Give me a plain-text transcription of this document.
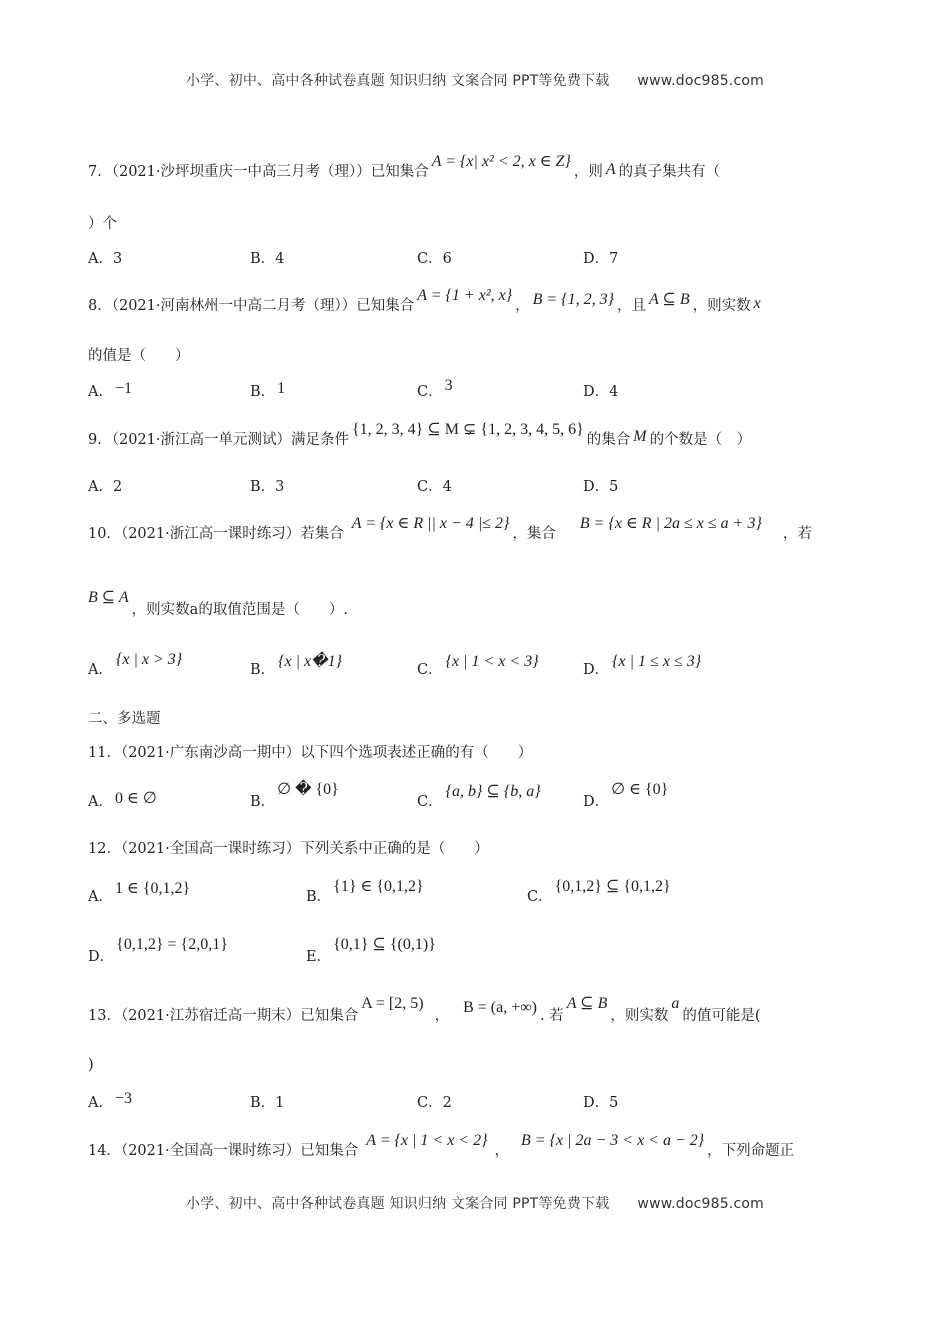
小学、初中、高中各种试卷真题 知识归纳 文案合同 PPT等免费下载 www.doc985.com
7．（2021·沙坪坝重庆一中高三月考（理））已知集合A = {x| x² < 2, x ∈ Z}，则 A 的真子集共有（
）个
A．3	B．4	C．6	D．7
8．（2021·河南林州一中高二月考（理））已知集合A = {1 + x², x}， B = {1, 2, 3} ，且 A ⊆ B ，则实数 x
的值是（　　）
A． −1	B． 1	C． 3	D．4
9．（2021·浙江高一单元测试）满足条件{1, 2, 3, 4} ⊆ M ⊊ {1, 2, 3, 4, 5, 6}的集合 M 的个数是（　）
A．2	B．3	C．4	D．5
10．（2021·浙江高一课时练习）若集合A = {x ∈ R || x − 4 |≤ 2}，集合B = {x ∈ R | 2a ≤ x ≤ a + 3}，若
B ⊆ A，则实数a的取值范围是（　　）.
A．{x | x > 3}
B． {x | x�1}	C． {x | 1 < x < 3}	D． {x | 1 ≤ x ≤ 3}
二、多选题
11．（2021·广东南沙高一期中）以下四个选项表述正确的有（　　）
A． 0 ∈ ∅	B．∅ � {0}
C．{a, b} ⊆ {b, a}
D．∅ ∈ {0}
12．（2021·全国高一课时练习）下列关系中正确的是（　　）
A． 1 ∈ {0,1,2}	B．{1} ∈ {0,1,2}
C．{0,1,2} ⊆ {0,1,2}
D．{0,1,2} = {2,0,1}
E．{0,1} ⊆ {(0,1)}
13．（2021·江苏宿迁高一期末）已知集合A = [2, 5)， B = (a, +∞) . 若A ⊆ B，则实数a的值可能是(
)
A． −3	B．1	C．2	D．5
14．（2021·全国高一课时练习）已知集合A = {x | 1 < x < 2}，B = {x | 2a − 3 < x < a − 2}，下列命题正
小学、初中、高中各种试卷真题 知识归纳 文案合同 PPT等免费下载 www.doc985.com
